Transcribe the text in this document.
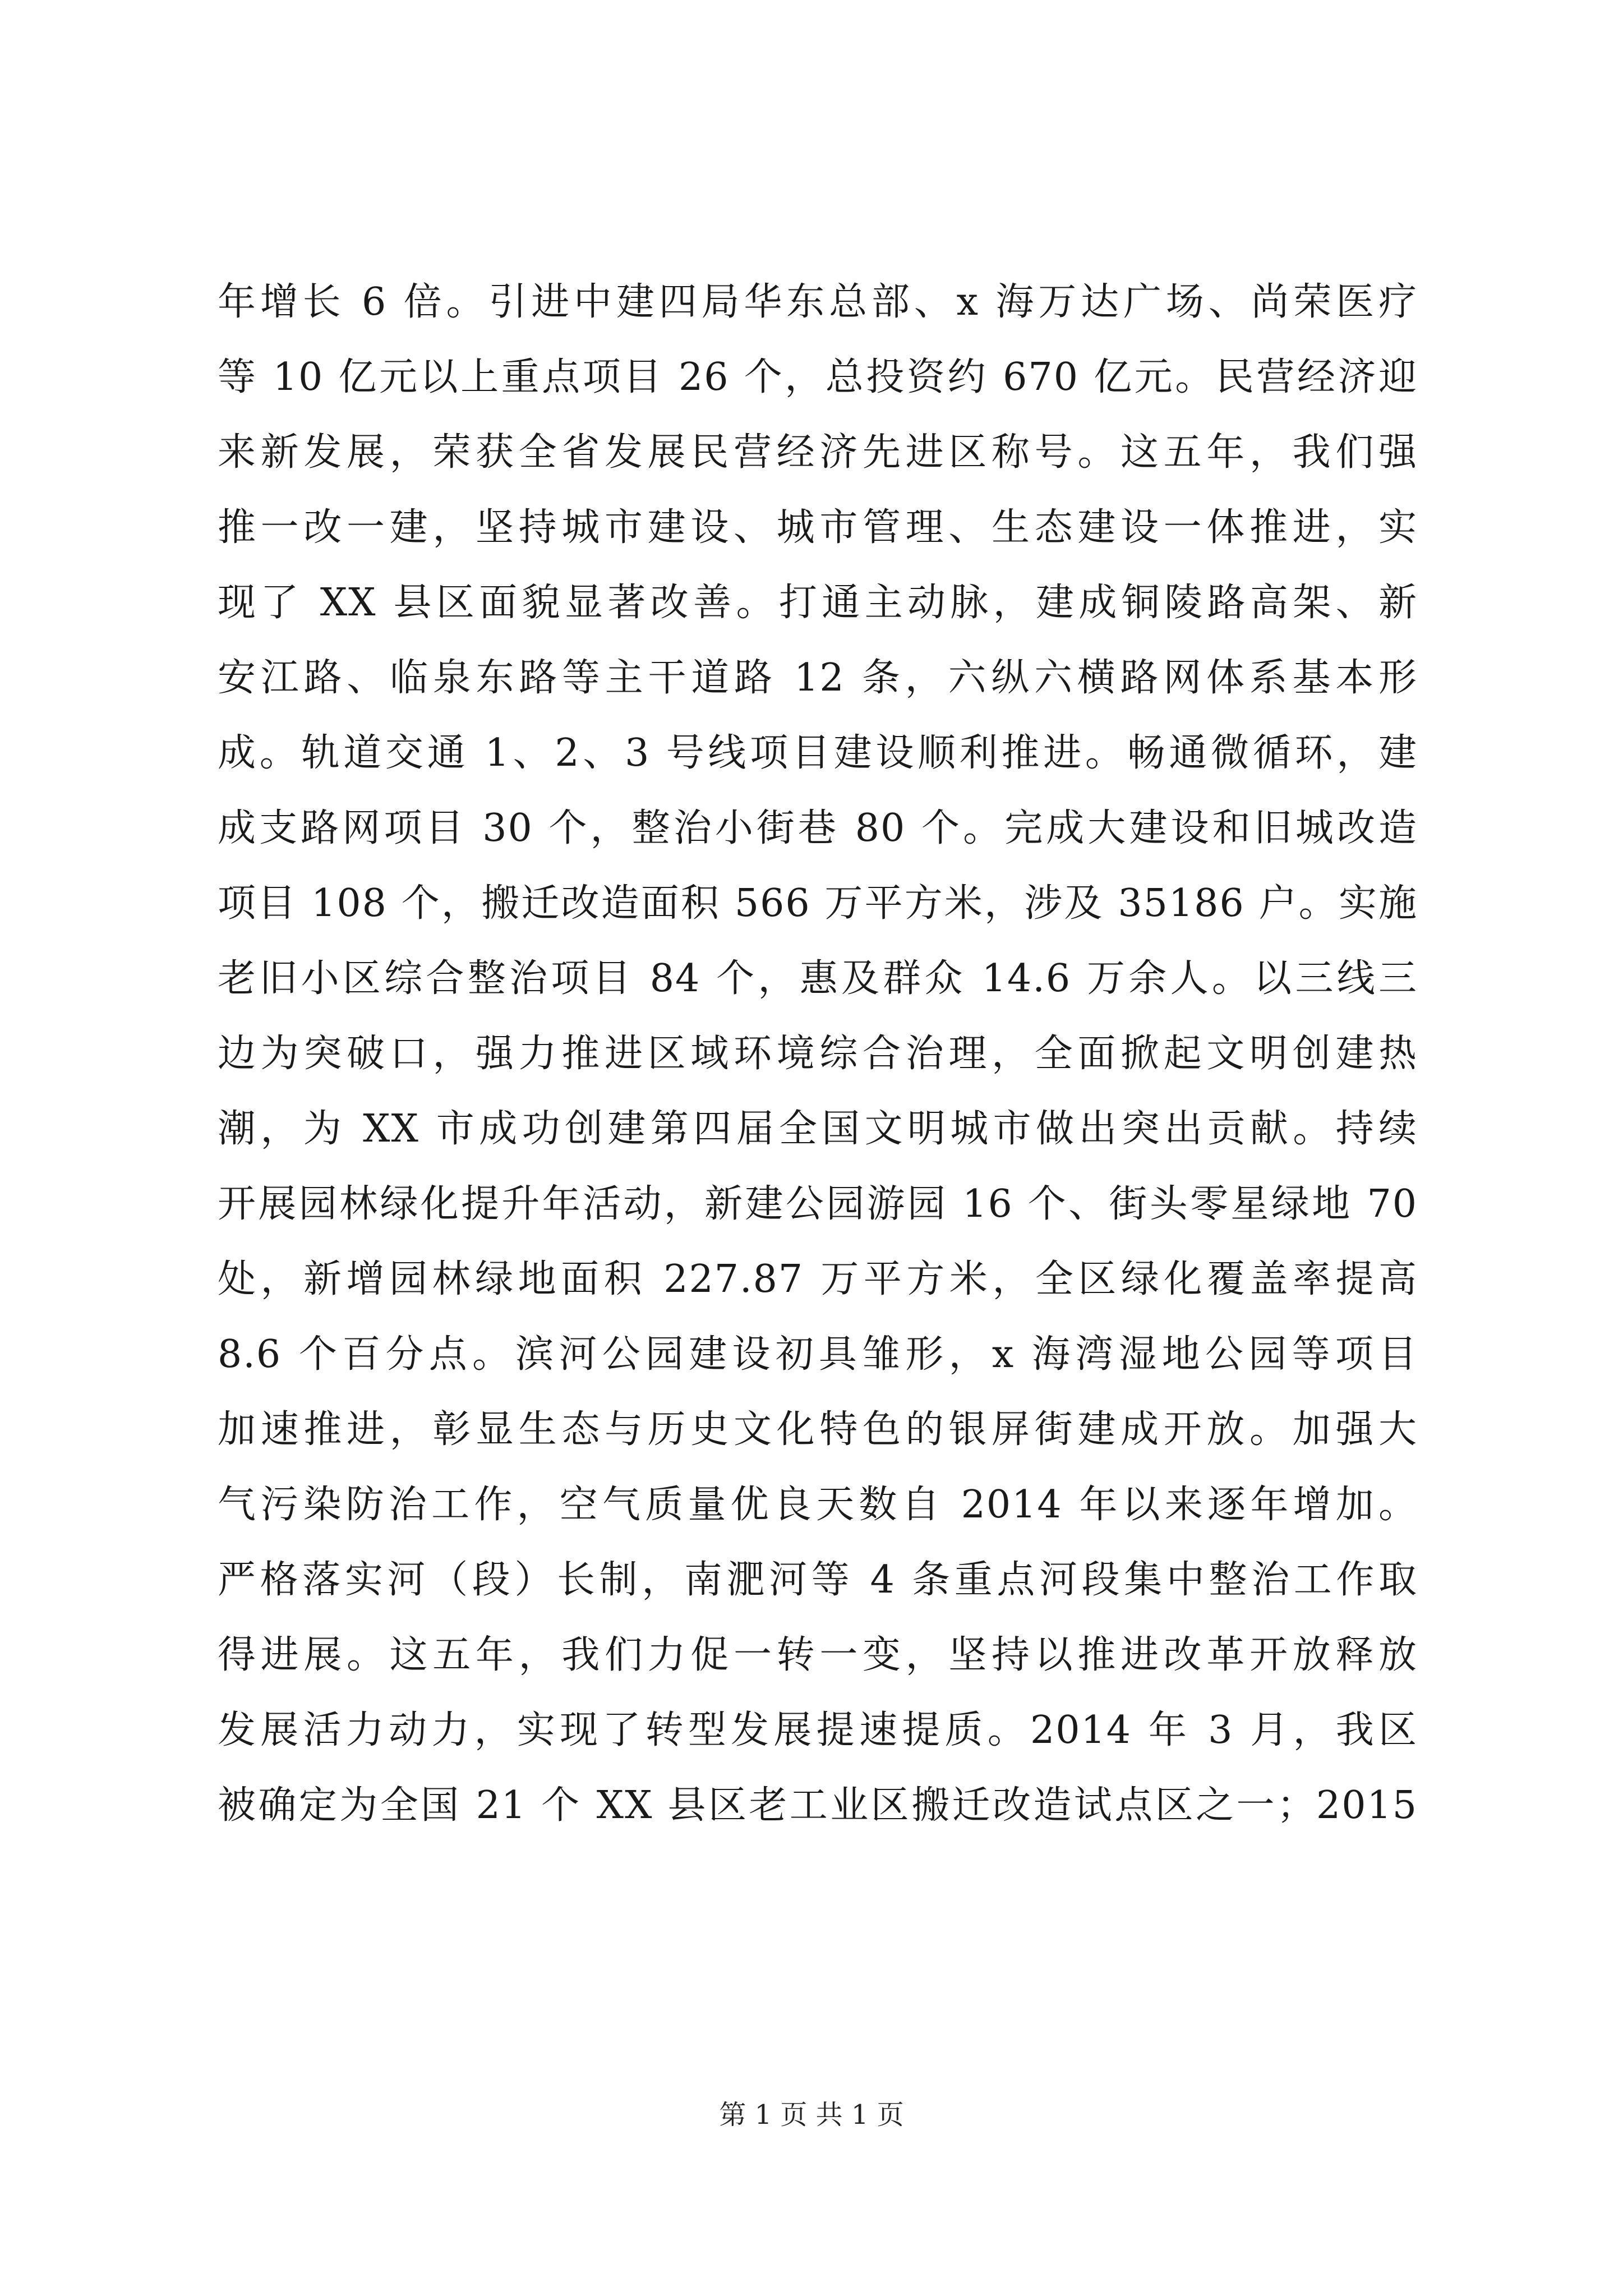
年增长 6 倍。引进中建四局华东总部、x 海万达广场、尚荣医疗
等 10 亿元以上重点项目 26 个，总投资约 670 亿元。民营经济迎
来新发展，荣获全省发展民营经济先进区称号。这五年，我们强
推一改一建，坚持城市建设、城市管理、生态建设一体推进，实
现了 XX 县区面貌显著改善。打通主动脉，建成铜陵路高架、新
安江路、临泉东路等主干道路 12 条，六纵六横路网体系基本形
成。轨道交通 1、2、3 号线项目建设顺利推进。畅通微循环，建
成支路网项目 30 个，整治小街巷 80 个。完成大建设和旧城改造
项目 108 个，搬迁改造面积 566 万平方米，涉及 35186 户。实施
老旧小区综合整治项目 84 个，惠及群众 14.6 万余人。以三线三
边为突破口，强力推进区域环境综合治理，全面掀起文明创建热
潮，为 XX 市成功创建第四届全国文明城市做出突出贡献。持续
开展园林绿化提升年活动，新建公园游园 16 个、街头零星绿地 70
处，新增园林绿地面积 227.87 万平方米，全区绿化覆盖率提高
8.6 个百分点。滨河公园建设初具雏形，x 海湾湿地公园等项目
加速推进，彰显生态与历史文化特色的银屏街建成开放。加强大
气污染防治工作，空气质量优良天数自 2014 年以来逐年增加。
严格落实河（段）长制，南淝河等 4 条重点河段集中整治工作取
得进展。这五年，我们力促一转一变，坚持以推进改革开放释放
发展活力动力，实现了转型发展提速提质。2014 年 3 月，我区
被确定为全国 21 个 XX 县区老工业区搬迁改造试点区之一；2015
第 1 页 共 1 页
